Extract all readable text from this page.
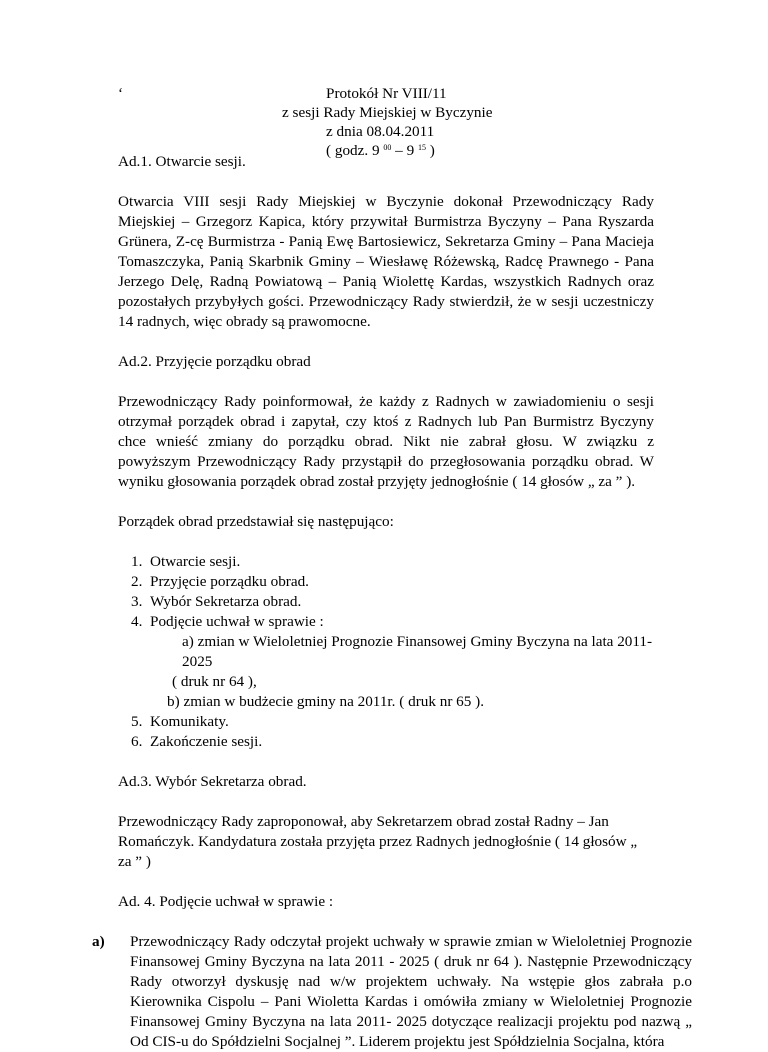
‘	Protokół Nr VIII/11
z sesji Rady Miejskiej w Byczynie
z dnia 08.04.2011
( godz. 9 $^{00}$ – 9 $^{15}$ )

Ad.1. Otwarcie sesji.

Otwarcia VIII sesji Rady Miejskiej w Byczynie dokonał Przewodniczący Rady Miejskiej – Grzegorz Kapica, który przywitał Burmistrza Byczyny – Pana Ryszarda Grünera, Z-cę Burmistrza - Panią Ewę Bartosiewicz, Sekretarza Gminy – Pana Macieja Tomaszczyka, Panią Skarbnik Gminy – Wiesławę Różewską, Radcę Prawnego - Pana Jerzego Delę, Radną Powiatową – Panią Wiolettę Kardas, wszystkich Radnych oraz pozostałych przybyłych gości. Przewodniczący Rady stwierdził, że w sesji uczestniczy 14 radnych, więc obrady są prawomocne.

Ad.2. Przyjęcie porządku obrad

Przewodniczący Rady poinformował, że każdy z Radnych w zawiadomieniu o sesji otrzymał porządek obrad i zapytał, czy ktoś z Radnych lub Pan Burmistrz Byczyny chce wnieść zmiany do porządku obrad. Nikt nie zabrał głosu. W związku z powyższym Przewodniczący Rady przystąpił do przegłosowania porządku obrad. W wyniku głosowania porządek obrad został przyjęty jednogłośnie ( 14 głosów „ za ” ).

Porządek obrad przedstawiał się następująco:

1. Otwarcie sesji.
2. Przyjęcie porządku obrad.
3. Wybór Sekretarza obrad.
4. Podjęcie uchwał w sprawie :
a) zmian w Wieloletniej Prognozie Finansowej Gminy Byczyna na lata 2011- 2025
( druk nr 64 ),
b) zmian w budżecie gminy na 2011r. ( druk nr 65 ).
5. Komunikaty.
6. Zakończenie sesji.

Ad.3. Wybór Sekretarza obrad.

Przewodniczący Rady zaproponował, aby Sekretarzem obrad został Radny – Jan Romańczyk. Kandydatura została przyjęta przez Radnych jednogłośnie ( 14 głosów „ za ” )

Ad. 4. Podjęcie uchwał w sprawie :

a) Przewodniczący Rady odczytał projekt uchwały w sprawie zmian w Wieloletniej Prognozie Finansowej Gminy Byczyna na lata 2011 - 2025 ( druk nr 64 ). Następnie Przewodniczący Rady otworzył dyskusję nad w/w projektem uchwały. Na wstępie głos zabrała p.o Kierownika Cispolu – Pani Wioletta Kardas i omówiła zmiany w Wieloletniej Prognozie Finansowej Gminy Byczyna na lata 2011- 2025 dotyczące realizacji projektu pod nazwą „ Od CIS-u do Spółdzielni Socjalnej ”. Liderem projektu jest Spółdzielnia Socjalna, która
